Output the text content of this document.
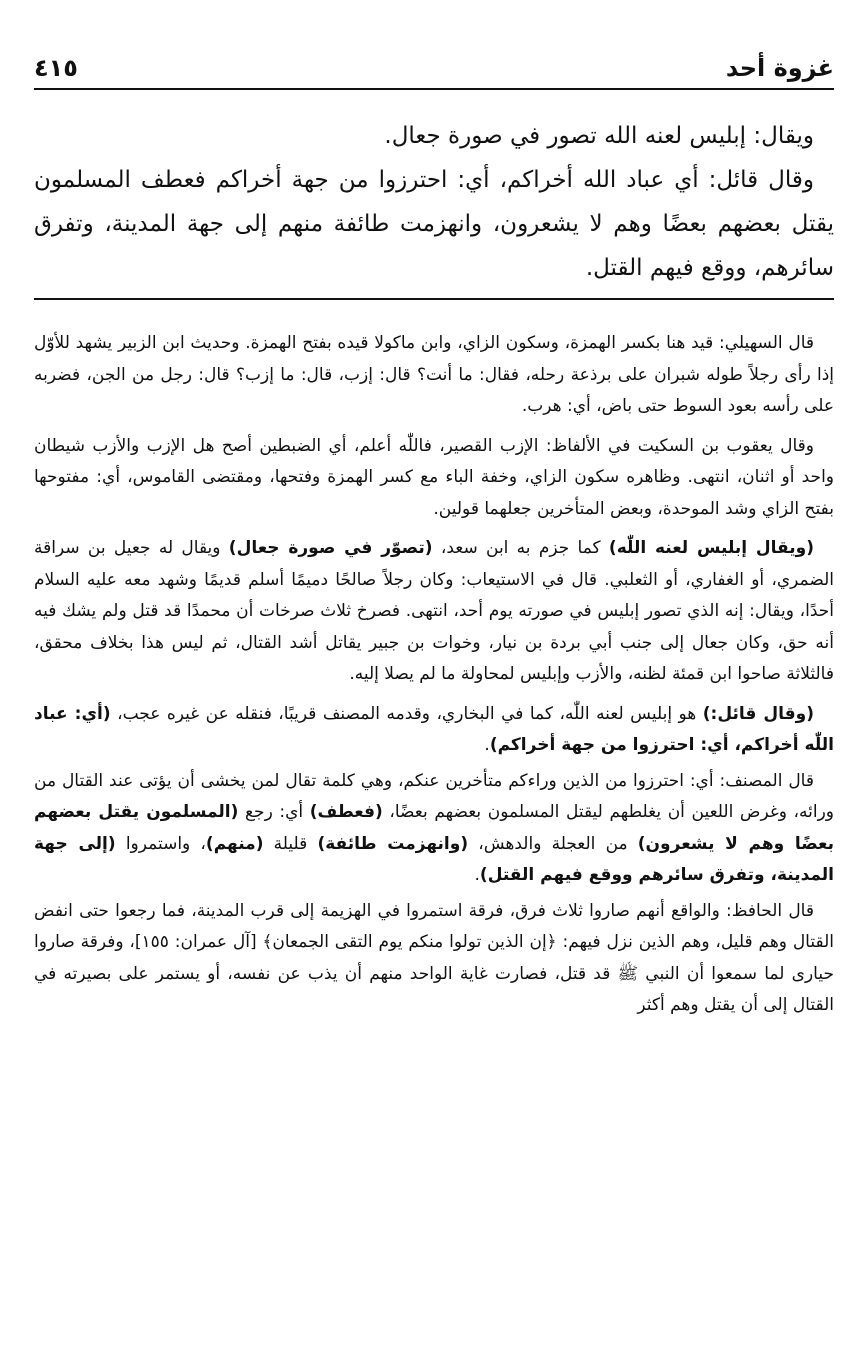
غزوة أحد
٤١٥

ويقال: إبليس لعنه الله تصور في صورة جعال.

وقال قائل: أي عباد الله أخراكم، أي: احترزوا من جهة أخراكم فعطف المسلمون يقتل بعضهم بعضًا وهم لا يشعرون، وانهزمت طائفة منهم إلى جهة المدينة، وتفرق سائرهم، ووقع فيهم القتل.

قال السهيلي: قيد هنا بكسر الهمزة، وسكون الزاي، وابن ماكولا قيده بفتح الهمزة. وحديث ابن الزبير يشهد للأوّل إذا رأى رجلاً طوله شبران على برذعة رحله، فقال: ما أنت؟ قال: إزب، قال: ما إزب؟ قال: رجل من الجن، فضربه على رأسه بعود السوط حتى باض، أي: هرب.

وقال يعقوب بن السكيت في الألفاظ: الإزب القصير، فاللّٰه أعلم، أي الضبطين أصح هل الإزب والأزب شيطان واحد أو اثنان، انتهى. وظاهره سكون الزاي، وخفة الباء مع كسر الهمزة وفتحها، ومقتضى القاموس، أي: مفتوحها بفتح الزاي وشد الموحدة، وبعض المتأخرين جعلهما قولين.

(ويقال إبليس لعنه اللّٰه) كما جزم به ابن سعد، (تصوّر في صورة جعال) ويقال له جعيل بن سراقة الضمري، أو الغفاري، أو الثعلبي. قال في الاستيعاب: وكان رجلاً صالحًا دميمًا أسلم قديمًا وشهد معه عليه السلام أحدًا، ويقال: إنه الذي تصور إبليس في صورته يوم أحد، انتهى. فصرخ ثلاث صرخات أن محمدًا قد قتل ولم يشك فيه أنه حق، وكان جعال إلى جنب أبي بردة بن نيار، وخوات بن جبير يقاتل أشد القتال، ثم ليس هذا بخلاف محقق، فالثلاثة صاحوا ابن قمئة لظنه، والأزب وإبليس لمحاولة ما لم يصلا إليه.

(وقال قائل:) هو إبليس لعنه اللّٰه، كما في البخاري، وقدمه المصنف قريبًا، فنقله عن غيره عجب، (أي: عباد اللّٰه أخراكم، أي: احترزوا من جهة أخراكم).

قال المصنف: أي: احترزوا من الذين وراءكم متأخرين عنكم، وهي كلمة تقال لمن يخشى أن يؤتى عند القتال من ورائه، وغرض اللعين أن يغلطهم ليقتل المسلمون بعضهم بعضًا، (فعطف) أي: رجع (المسلمون يقتل بعضهم بعضًا وهم لا يشعرون) من العجلة والدهش، (وانهزمت طائفة) قليلة (منهم)، واستمروا (إلى جهة المدينة، وتفرق سائرهم ووقع فيهم القتل).

قال الحافظ: والواقع أنهم صاروا ثلاث فرق، فرقة استمروا في الهزيمة إلى قرب المدينة، فما رجعوا حتى انفض القتال وهم قليل، وهم الذين نزل فيهم: ﴿إن الذين تولوا منكم يوم التقى الجمعان﴾ [آل عمران: ١٥٥]، وفرقة صاروا حيارى لما سمعوا أن النبي ﷺ قد قتل، فصارت غاية الواحد منهم أن يذب عن نفسه، أو يستمر على بصيرته في القتال إلى أن يقتل وهم أكثر
